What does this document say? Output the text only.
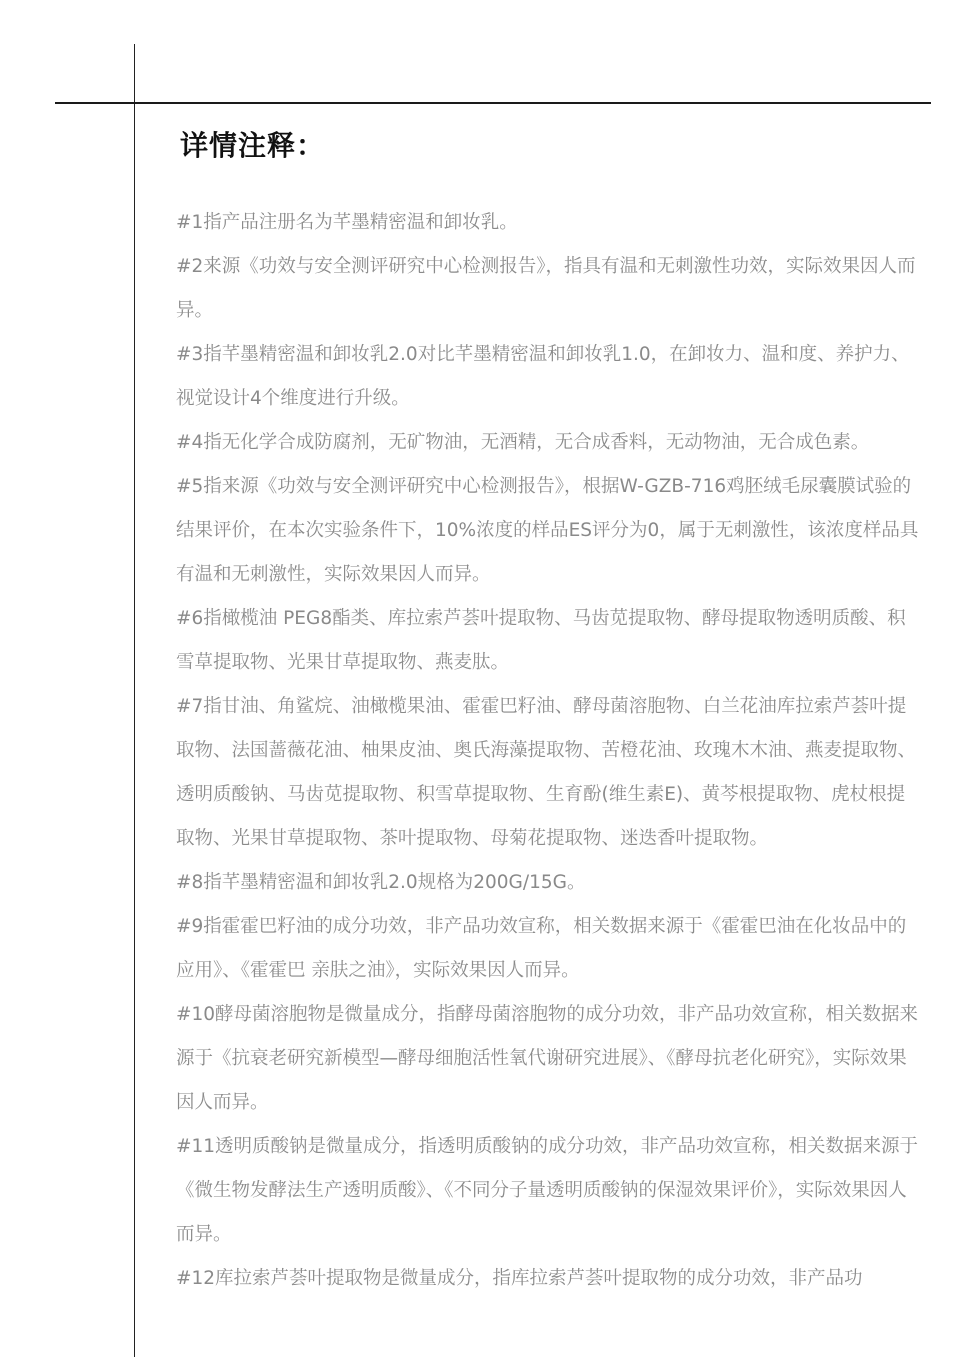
详情注释：
#1指产品注册名为芊墨精密温和卸妆乳。
#2来源《功效与安全测评研究中心检测报告》，指具有温和无刺激性功效，实际效果因人而异。
#3指芊墨精密温和卸妆乳2.0对比芊墨精密温和卸妆乳1.0，在卸妆力、温和度、养护力、视觉设计4个维度进行升级。
#4指无化学合成防腐剂，无矿物油，无酒精，无合成香料，无动物油，无合成色素。
#5指来源《功效与安全测评研究中心检测报告》，根据W-GZB-716鸡胚绒毛尿囊膜试验的结果评价，在本次实验条件下，10%浓度的样品ES评分为0，属于无刺激性，该浓度样品具有温和无刺激性，实际效果因人而异。
#6指橄榄油 PEG8酯类、库拉索芦荟叶提取物、马齿苋提取物、酵母提取物透明质酸、积雪草提取物、光果甘草提取物、燕麦肽。
#7指甘油、角鲨烷、油橄榄果油、霍霍巴籽油、酵母菌溶胞物、白兰花油库拉索芦荟叶提取物、法国蔷薇花油、柚果皮油、奥氏海藻提取物、苦橙花油、玫瑰木木油、燕麦提取物、透明质酸钠、马齿苋提取物、积雪草提取物、生育酚(维生素E)、黄芩根提取物、虎杖根提取物、光果甘草提取物、茶叶提取物、母菊花提取物、迷迭香叶提取物。
#8指芊墨精密温和卸妆乳2.0规格为200G/15G。
#9指霍霍巴籽油的成分功效，非产品功效宣称，相关数据来源于《霍霍巴油在化妆品中的应用》、《霍霍巴 亲肤之油》，实际效果因人而异。
#10酵母菌溶胞物是微量成分，指酵母菌溶胞物的成分功效，非产品功效宣称，相关数据来源于《抗衰老研究新模型—酵母细胞活性氧代谢研究进展》、《酵母抗老化研究》，实际效果因人而异。
#11透明质酸钠是微量成分，指透明质酸钠的成分功效，非产品功效宣称，相关数据来源于《微生物发酵法生产透明质酸》、《不同分子量透明质酸钠的保湿效果评价》，实际效果因人而异。
#12库拉索芦荟叶提取物是微量成分，指库拉索芦荟叶提取物的成分功效，非产品功
